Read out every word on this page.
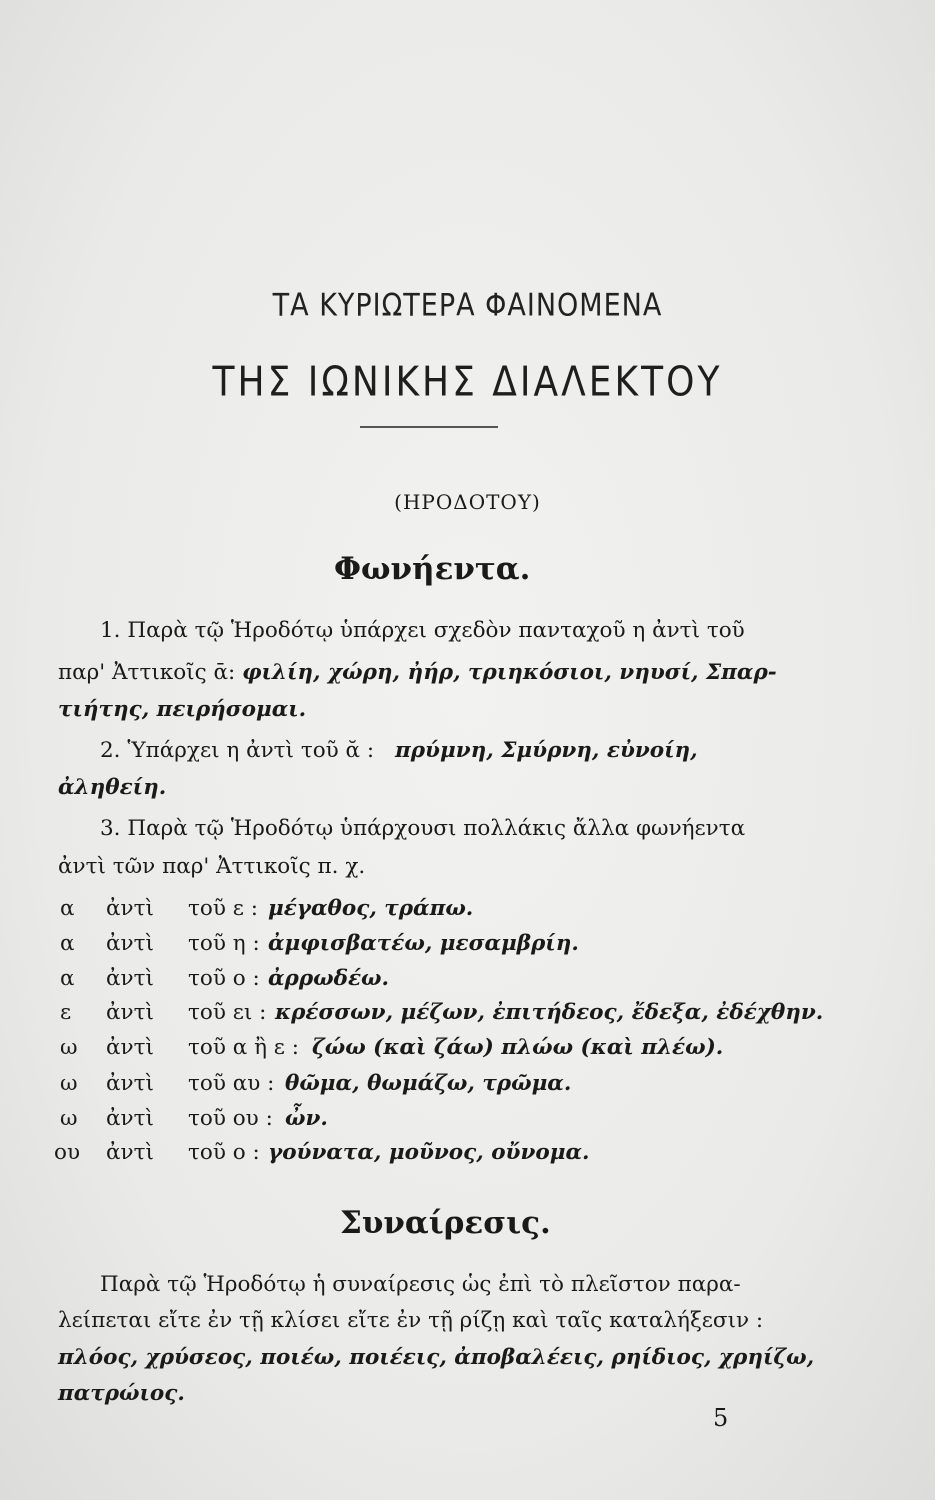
ΤΑ ΚΥΡΙΩΤΕΡΑ ΦΑΙΝΟΜΕΝΑ
ΤΗΣ ΙΩΝΙΚΗΣ ΔΙΑΛΕΚΤΟΥ
(ΗΡΟΔΟΤΟΥ)
Φωνήεντα.
1. Παρὰ τῷ Ἡροδότῳ ὑπάρχει σχεδὸν πανταχοῦ η ἀντὶ τοῦ
παρ' Ἀττικοῖς ᾱ: φιλίη, χώρη, ἠήρ, τριηκόσιοι, νηυσί, Σπαρ-
τιήτης, πειρήσομαι.
2. Ὑπάρχει η ἀντὶ τοῦ ᾰ : πρύμνη, Σμύρνη, εὐνοίη,
ἀληθείη.
3. Παρὰ τῷ Ἡροδότῳ ὑπάρχουσι πολλάκις ἄλλα φωνήεντα
ἀντὶ τῶν παρ' Ἀττικοῖς π. χ.
α ἀντὶ τοῦ ε : μέγαθος, τράπω.
α ἀντὶ τοῦ η : ἀμφισβατέω, μεσαμβρίη.
α ἀντὶ τοῦ ο : ἀρρωδέω.
ε ἀντὶ τοῦ ει : κρέσσων, μέζων, ἐπιτήδεος, ἔδεξα, ἐδέχθην.
ω ἀντὶ τοῦ α ἢ ε : ζώω (καὶ ζάω) πλώω (καὶ πλέω).
ω ἀντὶ τοῦ αυ : θῶμα, θωμάζω, τρῶμα.
ω ἀντὶ τοῦ ου : ὦν.
ου ἀντὶ τοῦ ο : γούνατα, μοῦνος, οὔνομα.
Συναίρεσις.
Παρὰ τῷ Ἡροδότῳ ἡ συναίρεσις ὡς ἐπὶ τὸ πλεῖστον παρα-
λείπεται εἴτε ἐν τῇ κλίσει εἴτε ἐν τῇ ρίζῃ καὶ ταῖς καταλήξεσιν :
πλόος, χρύσεος, ποιέω, ποιέεις, ἀποβαλέεις, ρηίδιος, χρηίζω,
πατρώιος.
5
